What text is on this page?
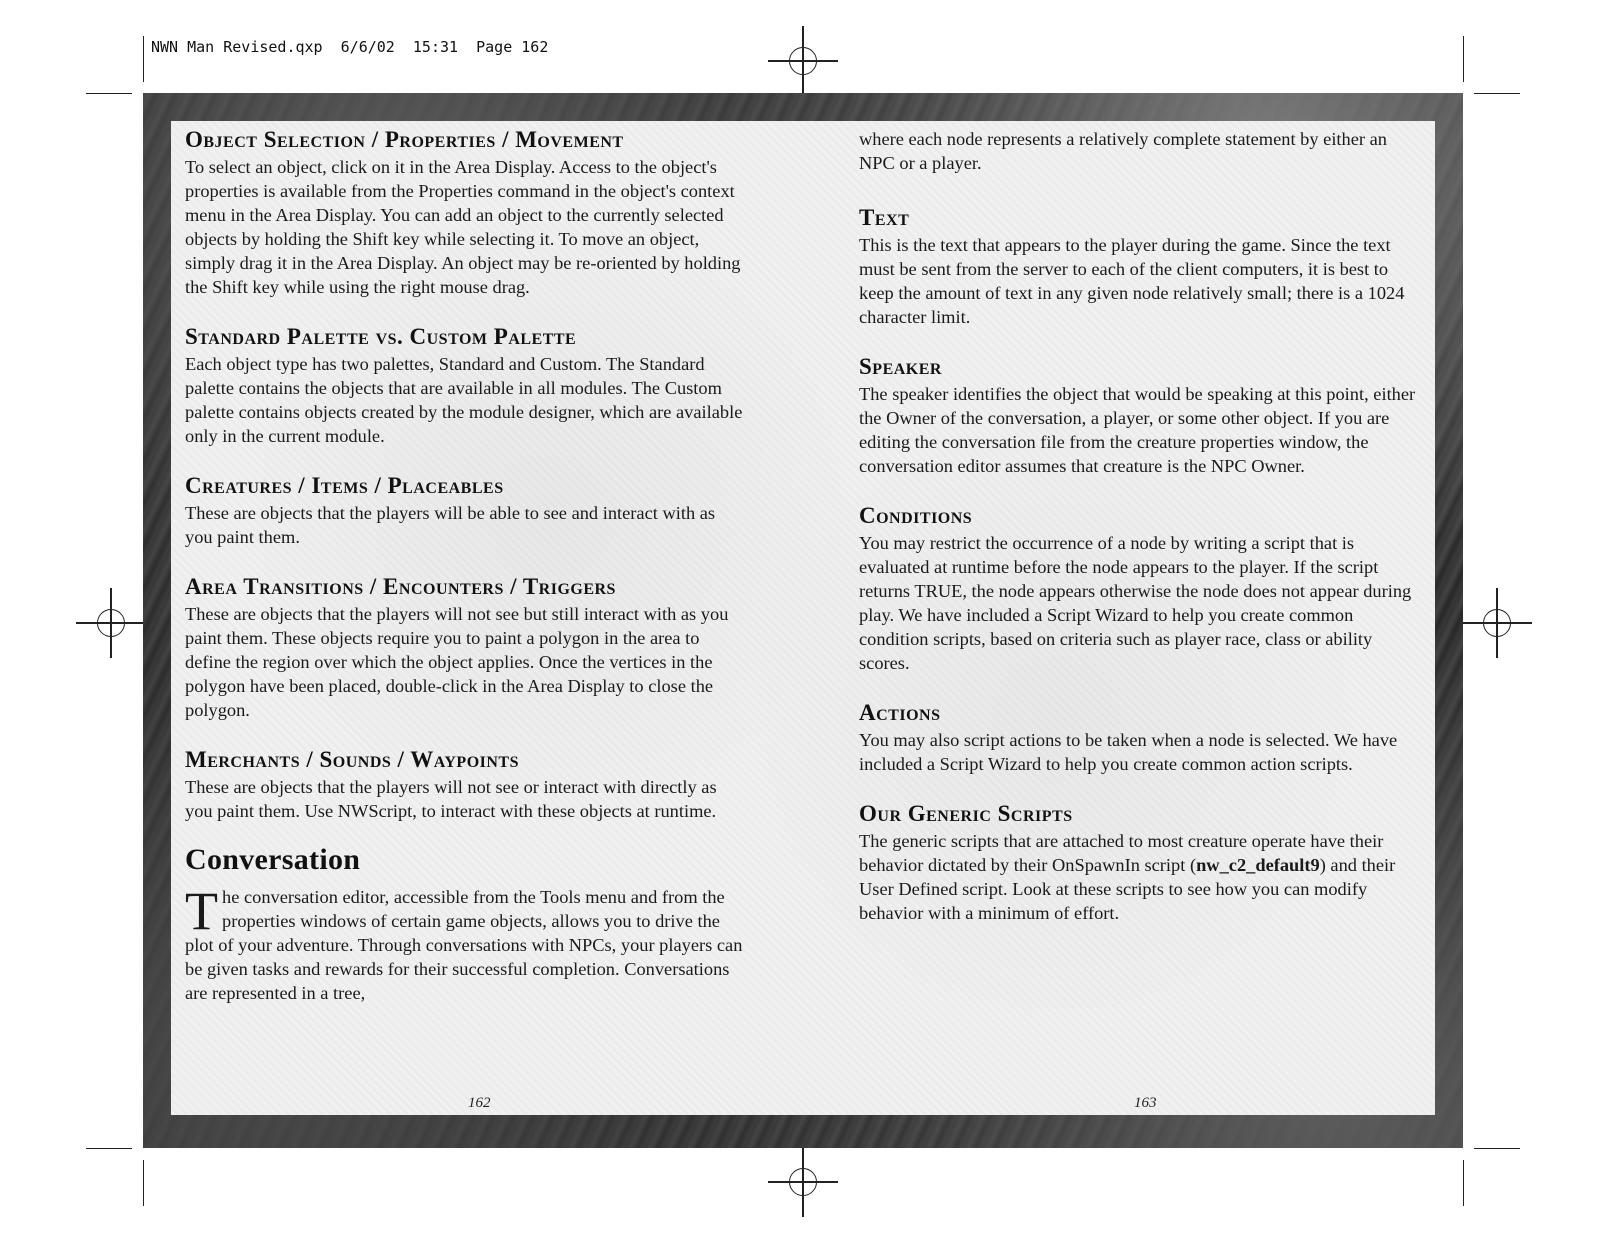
NWN Man Revised.qxp  6/6/02  15:31  Page 162
Object Selection / Properties / Movement

To select an object, click on it in the Area Display. Access to the object's properties is available from the Properties command in the object's context menu in the Area Display. You can add an object to the currently selected objects by holding the Shift key while selecting it. To move an object, simply drag it in the Area Display. An object may be re-oriented by holding the Shift key while using the right mouse drag.

Standard Palette vs. Custom Palette

Each object type has two palettes, Standard and Custom. The Standard palette contains the objects that are available in all modules. The Custom palette contains objects created by the module designer, which are available only in the current module.

Creatures / Items / Placeables

These are objects that the players will be able to see and interact with as you paint them.

Area Transitions / Encounters / Triggers

These are objects that the players will not see but still interact with as you paint them. These objects require you to paint a polygon in the area to define the region over which the object applies. Once the vertices in the polygon have been placed, double-click in the Area Display to close the polygon.

Merchants / Sounds / Waypoints

These are objects that the players will not see or interact with directly as you paint them. Use NWScript, to interact with these objects at runtime.

Conversation

The conversation editor, accessible from the Tools menu and from the properties windows of certain game objects, allows you to drive the plot of your adventure. Through conversations with NPCs, your players can be given tasks and rewards for their successful completion. Conversations are represented in a tree,

where each node represents a relatively complete statement by either an NPC or a player.

Text

This is the text that appears to the player during the game. Since the text must be sent from the server to each of the client computers, it is best to keep the amount of text in any given node relatively small; there is a 1024 character limit.

Speaker

The speaker identifies the object that would be speaking at this point, either the Owner of the conversation, a player, or some other object. If you are editing the conversation file from the creature properties window, the conversation editor assumes that creature is the NPC Owner.

Conditions

You may restrict the occurrence of a node by writing a script that is evaluated at runtime before the node appears to the player. If the script returns TRUE, the node appears otherwise the node does not appear during play. We have included a Script Wizard to help you create common condition scripts, based on criteria such as player race, class or ability scores.

Actions

You may also script actions to be taken when a node is selected. We have included a Script Wizard to help you create common action scripts.

Our Generic Scripts

The generic scripts that are attached to most creature operate have their behavior dictated by their OnSpawnIn script (nw_c2_default9) and their User Defined script. Look at these scripts to see how you can modify behavior with a minimum of effort.

162	163
